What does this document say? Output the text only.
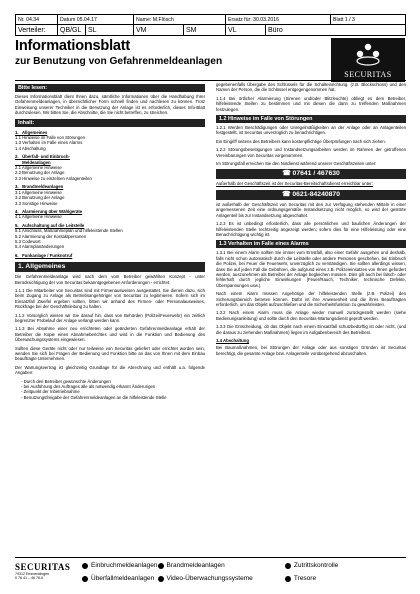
Nr. 04.34	Datum 05.04.17	Name: M.Flösch	Ersatz für: 30.03.2016	Blatt 1 / 3
Verteiler:	QB/GL SL	VM	SM	VL	Büro
Informationsblatt
zur Benutzung von Gefahrenmeldeanlagen
SECURITAS
Bitte lesen:
Dieses Informationsblatt dient Ihnen dazu, sämtliche Informationen über die Handhabung Ihrer Gefahrenmeldeanlagen, in übersichtlicher Form schnell finden und nachlesen zu können. Trotz Einweisung unserer Techniker in die Benutzung der Anlage ist es erforderlich, dieses Info-Blatt durchzulesen. Wir bitten Sie, die Abschnitte, die Sie nicht betreffen, zu streichen.
Inhalt:
1.   Allgemeines
1.1 Hinweise im Falle von Störungen
1.3 Verhalten im Falle eines Alarms
1.4 Abschaltung
2.   Überfall- und Einbruch-
Meldeanlagen
2.1 Allgemeine Hinweise
2.2 Benutzung der Anlage
2.3 Hinweise zu einzelnen Anlagenteilen
3.   Brandmeldeanlagen
3.1 Allgemeine Hinweise
3.2 Benutzung der Anlage
3.3 Sonstige Hinweise
4.   Alarmierung über Wählgeräte
4.1 Allgemeine Hinweise
5.   Aufschaltung auf die Leitstelle
5.1 Anschluss, Maßnahmeplan und hilfeleistende Stellen
5.2 Alarmierung der Kontaktpersonen
5.3 Codewort
5.4 Alarmplanänderungen
6.   Funkanlage / Funknotruf
1. Allgemeines
Die Gefahrenmeldeanlage wird nach dem vom Betreiber gewählten Konzept - unter Berücksichtigung der von Securitas bekanntgegebenen Anforderungen - errichtet.
1.1.1 Die Mitarbeiter von Securitas sind mit Firmenausweisen ausgestattet. Sie dienen dazu, sich beim Zugang zu Anlage als Betriebsangehöriger von Securitas zu legitimieren. Sofern sich im Einsatzfall Zweifel ergeben sollten, bitten wir anhand des Firmen- oder Personalausweises, Rückfrage bei der Geschäftsleitung zu halten.
1.1.2 Vorsorglich weisen wir Sie darauf hin, dass von Behörden (Polizei/Feuerwehr) ein zeitlich begrenzter Probelauf der Anlage verlangt werden kann.
1.1.3 Bei Abnahme einer neu errichteten oder geänderten Gefahrenmeldeanlage erhält der Betreiber die Kopie eines Abnahmeberichtes und wird in die Funktion und Bedienung des Überwachungssystems eingewiesen.
Sollten diese Geräte nicht oder nur teilweise von Securitas geliefert oder errichtet worden sein, wenden Sie sich bei Fragen der Bedienung und Funktion bitte an das von Ihnen mit dem Einbau beauftragte Unternehmen.
Der Wartungsvertrag ist gleichzeitig Grundlage für die Abrechnung und enthält u.a. folgende Angaben:
- Durch den Betreiber gewünschte Änderungen
- bei Ausführung des Auftrages alle als notwendig erkannt Änderungen
- Zeitpunkt der Inbetriebnahme
- Benutzungsfreigabe der Gefahrenmeldeanlagen an die hilfeleistende Stelle
gegebenenfalls Übergabe des Schlüssels für die Schalteinrichtung. (z.B. Blockschloss) und den Namen der Person, die die Schlüssel entgegengenommen hat.
1.1.4 Bei örtlicher Alarmierung (Sirenen und/oder Blitzleuchte) obliegt es dem Betreiber, hilfeleistende Stellen zu bestimmen und mit diesen die dann zu treffenden Maßnahmen festzulegen.
1.2 Hinweise im Falle von Störungen
1.2.1 Werden Beschädigungen oder Unregelmäßigkeiten an der Anlage oder an Anlagenteilen festgestellt, ist Securitas unverzüglich zu benachrichtigen.
Ein Eingriff seitens des Betreibers kann kostenpflichtige Überprüfungen nach sich ziehen.
1.2.2 Störungsbeseitigungen und Instandsetzungsarbeiten werden im Rahmen der getroffenen Vereinbarungen von Securitas vorgenommen.
Im Störungsfall erreichen Sie den Notdienst während unserer Geschäftszeiten unter:
☎ 07641 / 467630
Außerhalb der Geschäftszeit ist der Securitas-Bereitschaftsdienst erreichbar unter:
☎ 0621-84240870
ist außerhalb der Geschäftszeit von Securitas mit den zur Verfügung stehenden Mitteln in einer angemessenen Zeit eine ordnungsgemäße Instandsetzung nicht möglich, so wird der gestörte Anlagenteil bis zur Instandsetzung abgeschaltet.
1.2.3 Es ist unbedingt erforderlich, dass alle persönlichen und baulichen Änderungen der hilfeleistenden Stelle rechtzeitig angezeigt werden; sofern dies für eine Hilfeleistung oder eine Benachrichtigung wichtig ist.
1.3 Verhalten im Falle eines Alarms
1.3.1 Bei einem Alarm sollten Sie immer vom Ernstfall, also einer Gefahr ausgehen und deshalb, falls nicht schon automatisch durch die Leitstelle oder andere Personen geschehen, bei Einbruch die Polizei, bei Feuer die Feuerwehr, unverzüglich zu verständigen. Sie sollten allerdings wissen, dass Sie auf jeden Fall die Gebühren, die aufgrund eines z.B. Polizeieinsatzes von Ihnen gefordert werden, auszunehmen als Betreiber der Anlage begleichen müssen. Dies gilt auch bei falsch- oder fehlerhaft durch jegliche Einwirkungen (Feuer/Rauch, Techniker, technische Defekte, Überspannungen usw.).
Nach einem Alarm müssen Angehörige der hilfeleistenden Stelle (z.B. Polizei) den Sicherungsbereich betreten können. Dafür ist ihre Anwesenheit und die ihres Beauftragten erforderlich, um das Objekt aufzuschließen und die Sicherheitsfunktion zu gewährleisten.
1.3.2 Nach einem Alarm muss die Anlage wieder manuell zurückgestellt werden (siehe Bedienungsanleitung) und sollte durch den Securitas-Wartungsdienst geprüft werden.
1.3.3 Die Entscheidung, ob das Objekt nach einem Einsatzfall schutzbedürftig ist oder nicht, (und die daraus zu ziehenden Maßnahmen) liegen im Aufgabenbereich des Betreibers.
1.4 Abschaltung
Bei Baumaßnahmen, bei Störungen der Anlage oder aus sonstigen Gründen ist Securitas berechtigt, die gesamte Anlage bzw. Anlagenteile vorübergehend abzuschalten.
SECURITAS
79312 Emmendingen
0 76 41 – 46 76-0
Einbruchmeldeanlagen Brandmeldeanlagen	Zutrittskontrolle
Überfallmeldeanlagen Video-Überwachungssysteme	Tresore
